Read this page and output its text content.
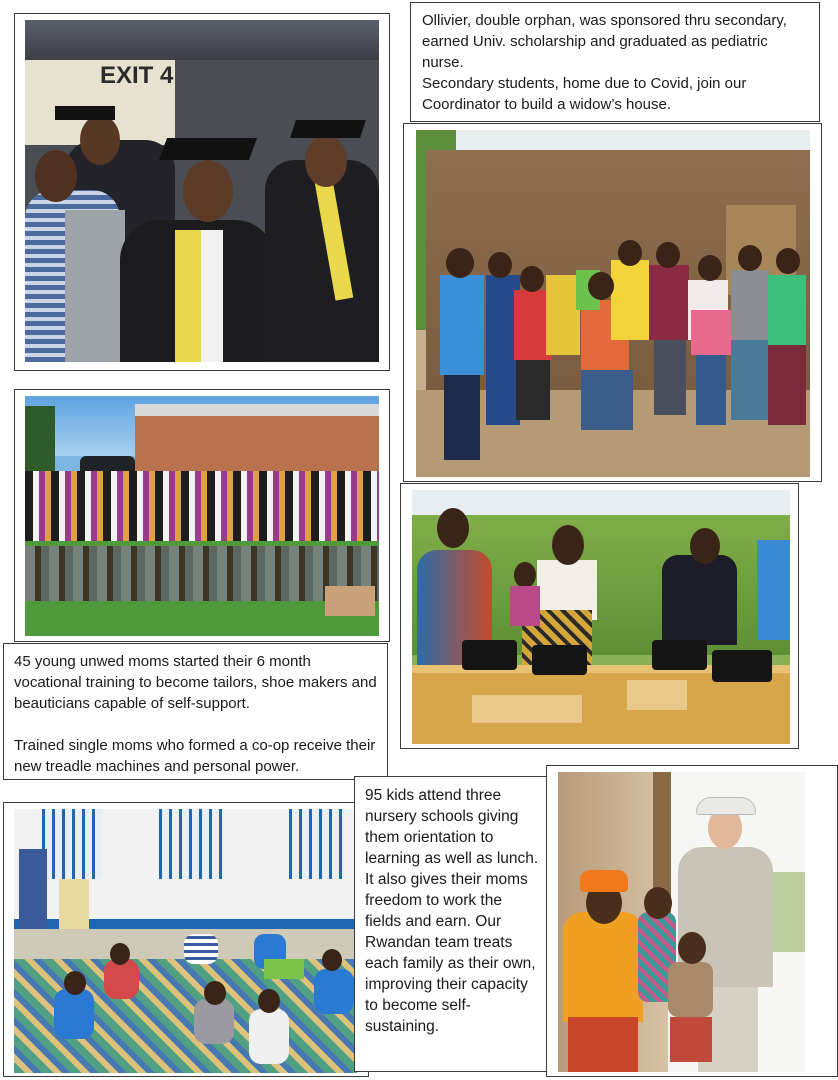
EXIT 4

Ollivier, double orphan, was sponsored thru secondary, earned Univ. scholarship and graduated as pediatric nurse.

Secondary students, home due to Covid, join our Coordinator to build a widow’s house.

45 young unwed moms started their 6 month vocational training to become tailors, shoe makers and beauticians capable of self-support.

Trained single moms who formed a co-op receive their new treadle machines and personal power.

95 kids attend three nursery schools giving them orientation to learning as well as lunch. It also gives their moms freedom to work the fields and earn. Our Rwandan team treats each family as their own, improving their capacity to become self-sustaining.
